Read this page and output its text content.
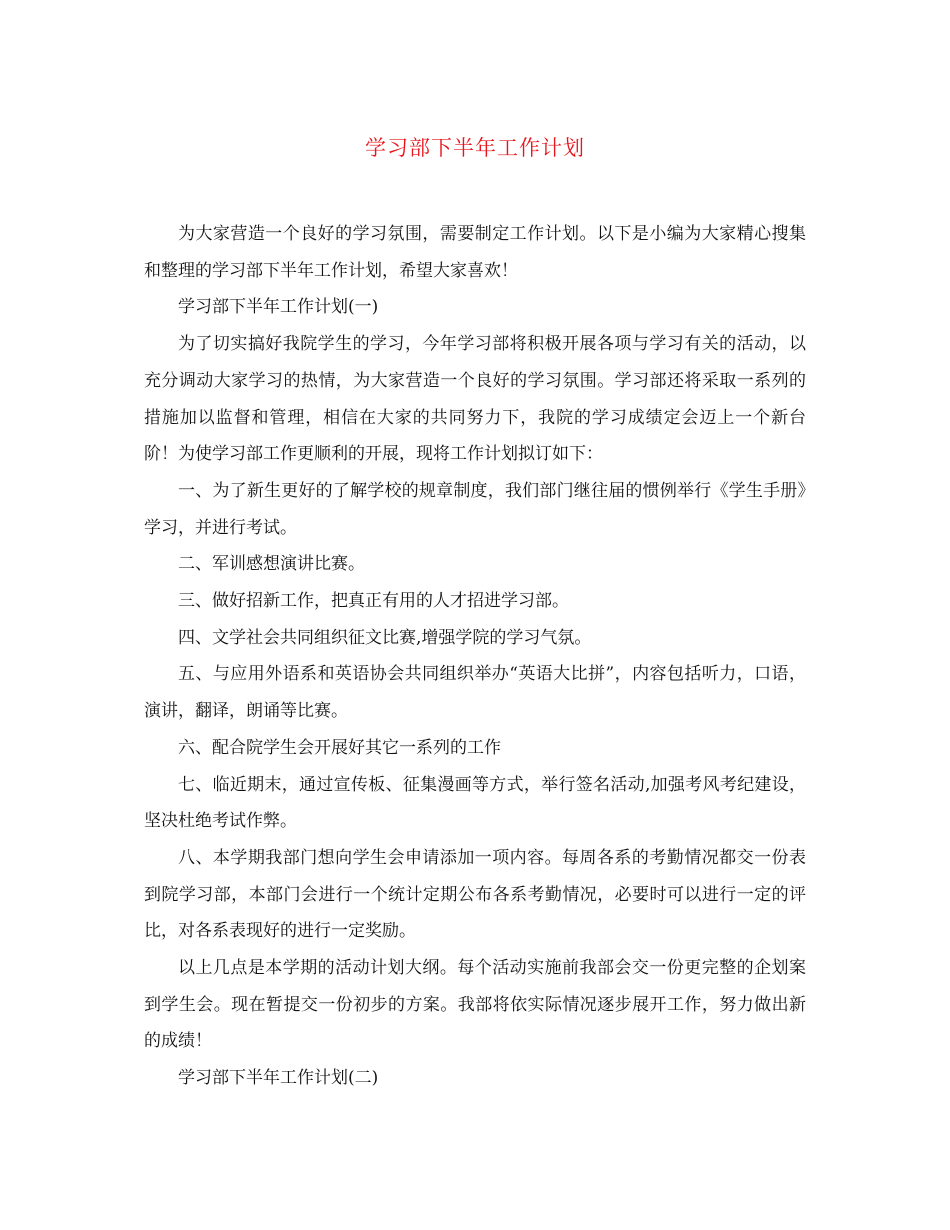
学习部下半年工作计划

为大家营造一个良好的学习氛围，需要制定工作计划。以下是小编为大家精心搜集和整理的学习部下半年工作计划，希望大家喜欢！

学习部下半年工作计划(一)

为了切实搞好我院学生的学习，今年学习部将积极开展各项与学习有关的活动，以充分调动大家学习的热情，为大家营造一个良好的学习氛围。学习部还将采取一系列的措施加以监督和管理，相信在大家的共同努力下，我院的学习成绩定会迈上一个新台阶！为使学习部工作更顺利的开展，现将工作计划拟订如下：

一、为了新生更好的了解学校的规章制度，我们部门继往届的惯例举行《学生手册》学习，并进行考试。

二、军训感想演讲比赛。

三、做好招新工作，把真正有用的人才招进学习部。

四、文学社会共同组织征文比赛,增强学院的学习气氛。

五、与应用外语系和英语协会共同组织举办“英语大比拼”，内容包括听力，口语，演讲，翻译，朗诵等比赛。

六、配合院学生会开展好其它一系列的工作

七、临近期末，通过宣传板、征集漫画等方式，举行签名活动,加强考风考纪建设，坚决杜绝考试作弊。

八、本学期我部门想向学生会申请添加一项内容。每周各系的考勤情况都交一份表到院学习部，本部门会进行一个统计定期公布各系考勤情况，必要时可以进行一定的评比，对各系表现好的进行一定奖励。

以上几点是本学期的活动计划大纲。每个活动实施前我部会交一份更完整的企划案到学生会。现在暂提交一份初步的方案。我部将依实际情况逐步展开工作，努力做出新的成绩！

学习部下半年工作计划(二)
